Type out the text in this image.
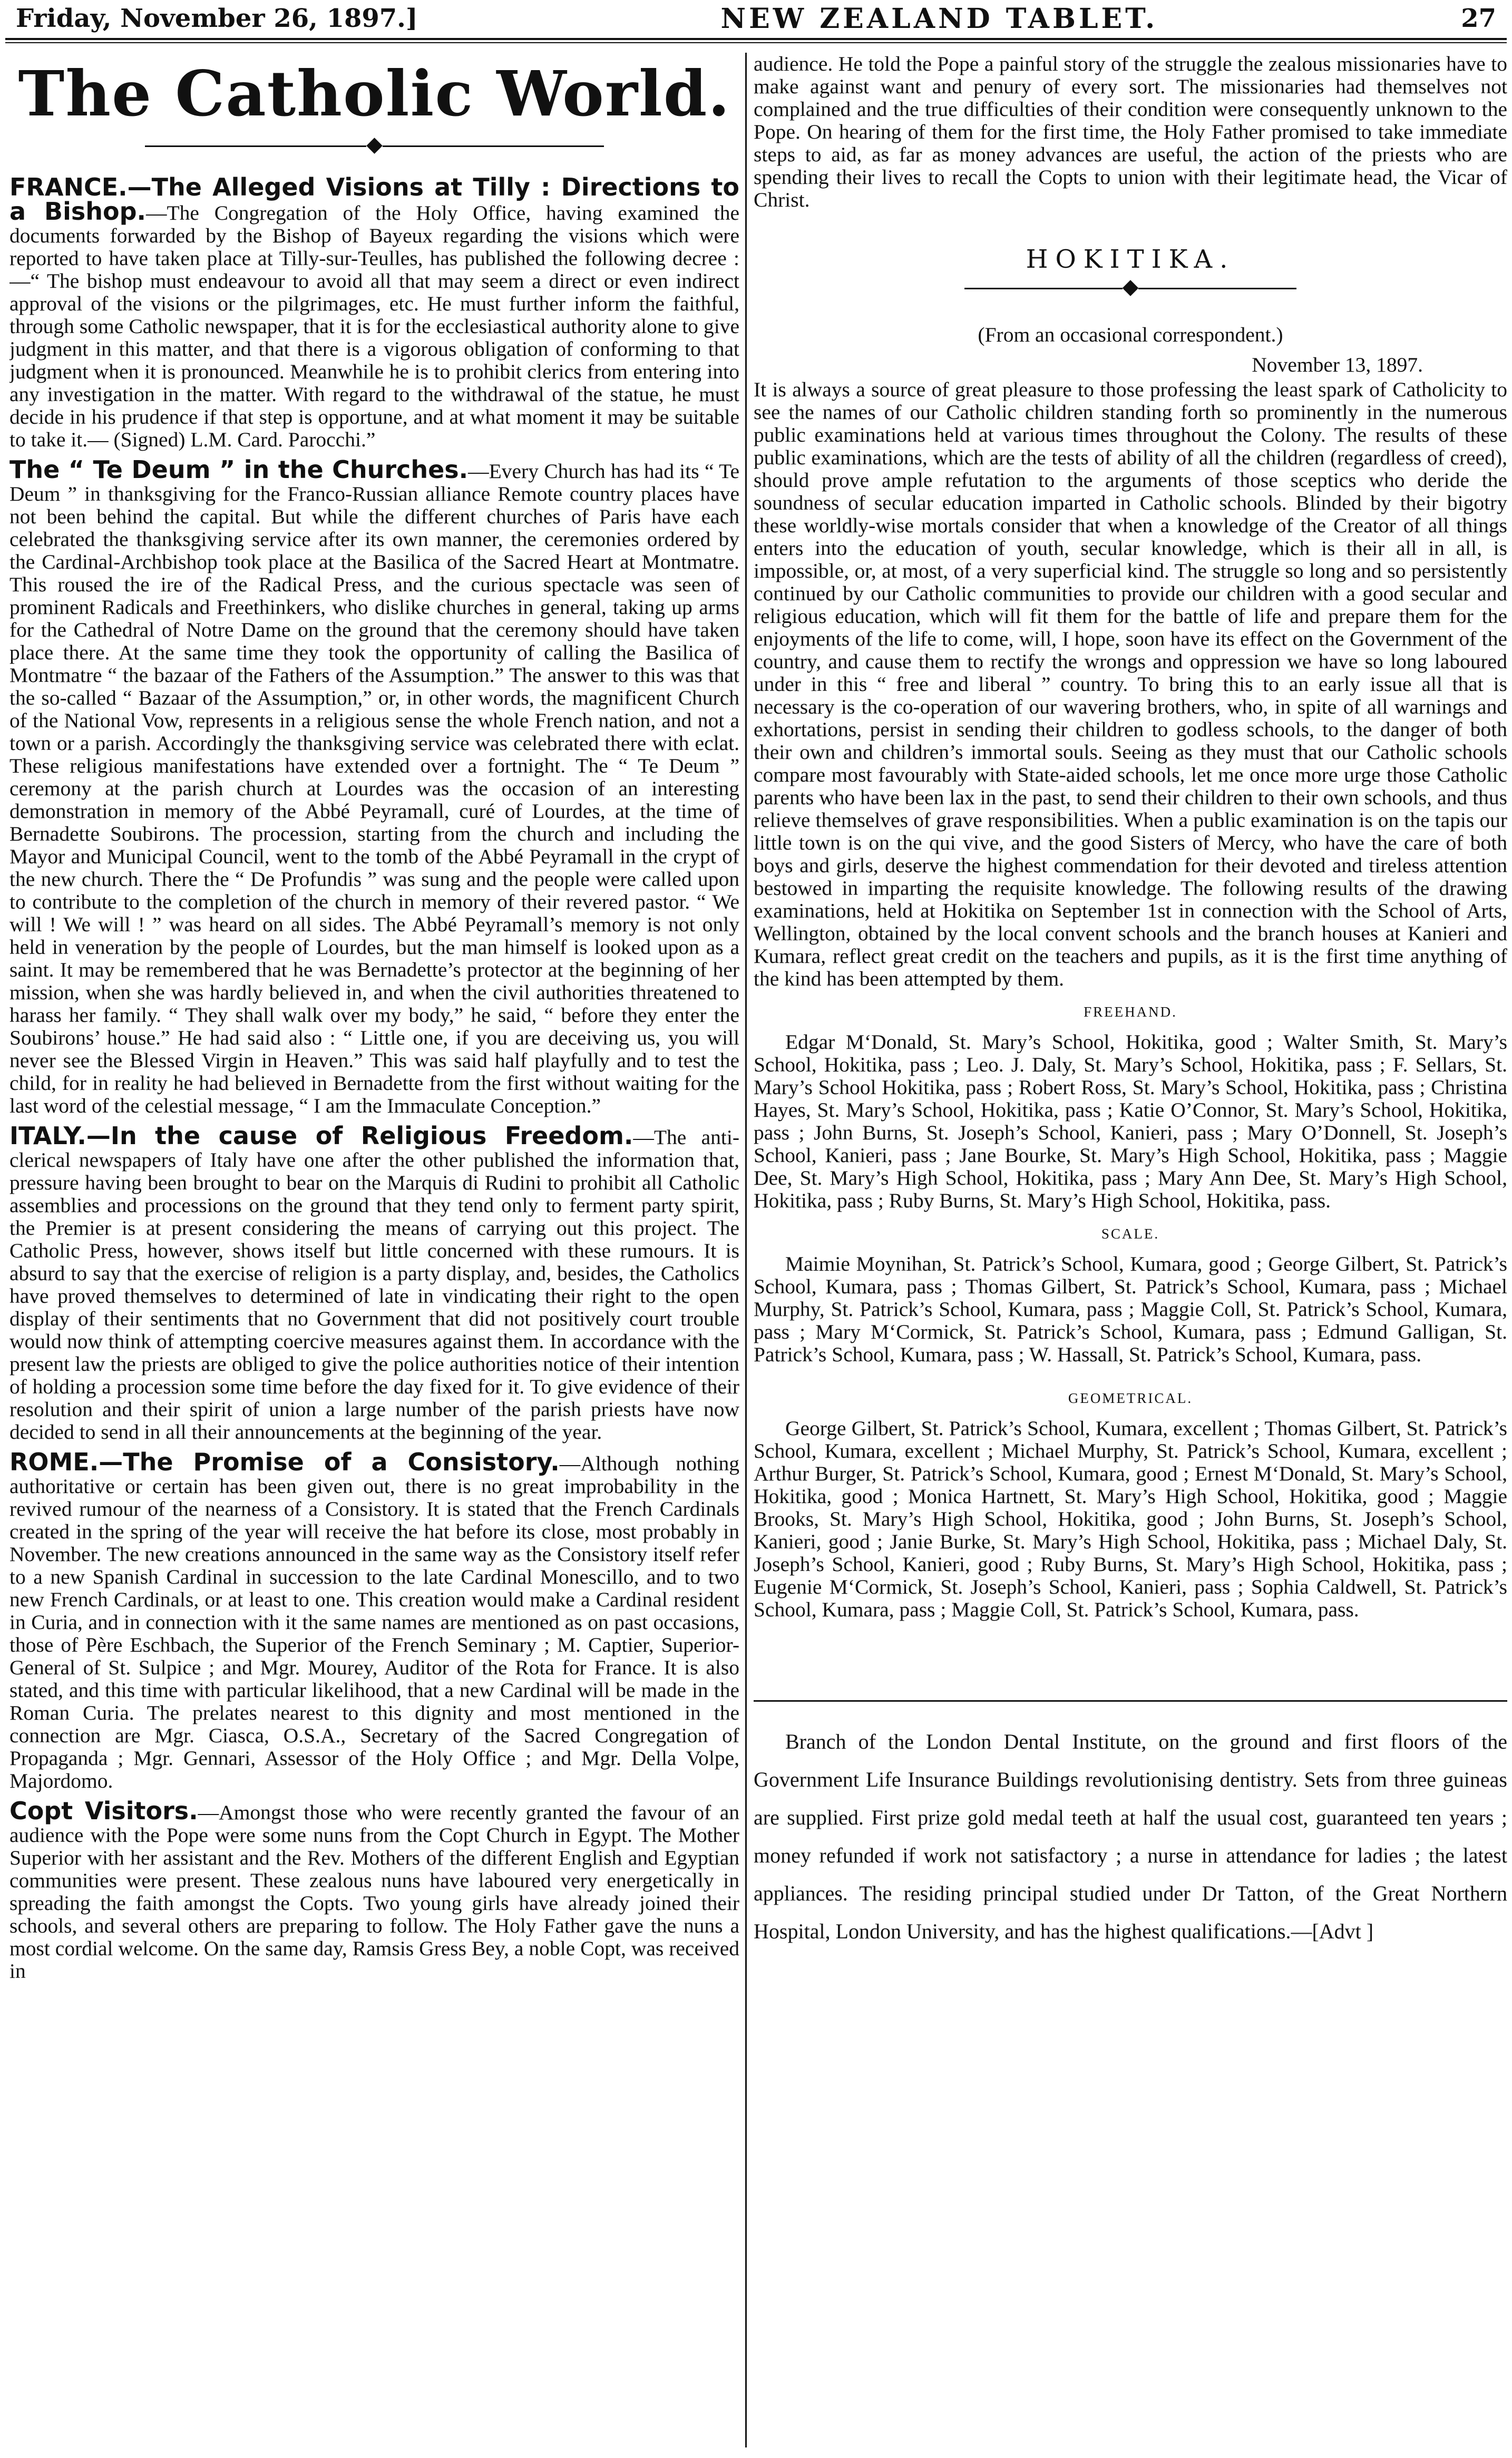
Friday, November 26, 1897.]	NEW ZEALAND TABLET.	27
The Catholic World.
◆

FRANCE.—The Alleged Visions at Tilly : Directions to a Bishop.—The Congregation of the Holy Office, having examined the documents forwarded by the Bishop of Bayeux regarding the visions which were reported to have taken place at Tilly-sur-Teulles, has published the following decree :—“ The bishop must endeavour to avoid all that may seem a direct or even indirect approval of the visions or the pilgrimages, etc. He must further inform the faithful, through some Catholic newspaper, that it is for the ecclesiastical authority alone to give judgment in this matter, and that there is a vigorous obligation of conforming to that judgment when it is pronounced. Meanwhile he is to prohibit clerics from entering into any investigation in the matter. With regard to the withdrawal of the statue, he must decide in his prudence if that step is opportune, and at what moment it may be suitable to take it.— (Signed) L.M. Card. Parocchi.”

The “ Te Deum ” in the Churches.—Every Church has had its “ Te Deum ” in thanksgiving for the Franco-Russian alliance Remote country places have not been behind the capital. But while the different churches of Paris have each celebrated the thanksgiving service after its own manner, the ceremonies ordered by the Cardinal-Archbishop took place at the Basilica of the Sacred Heart at Montmatre. This roused the ire of the Radical Press, and the curious spectacle was seen of prominent Radicals and Freethinkers, who dislike churches in general, taking up arms for the Cathedral of Notre Dame on the ground that the ceremony should have taken place there. At the same time they took the opportunity of calling the Basilica of Montmatre “ the bazaar of the Fathers of the Assumption.” The answer to this was that the so-called “ Bazaar of the Assumption,” or, in other words, the magnificent Church of the National Vow, represents in a religious sense the whole French nation, and not a town or a parish. Accordingly the thanksgiving service was celebrated there with eclat. These religious manifestations have extended over a fortnight. The “ Te Deum ” ceremony at the parish church at Lourdes was the occasion of an interesting demonstration in memory of the Abbé Peyramall, curé of Lourdes, at the time of Bernadette Soubirons. The procession, starting from the church and including the Mayor and Municipal Council, went to the tomb of the Abbé Peyramall in the crypt of the new church. There the “ De Profundis ” was sung and the people were called upon to contribute to the completion of the church in memory of their revered pastor. “ We will ! We will ! ” was heard on all sides. The Abbé Peyramall’s memory is not only held in veneration by the people of Lourdes, but the man himself is looked upon as a saint. It may be remembered that he was Bernadette’s protector at the beginning of her mission, when she was hardly believed in, and when the civil authorities threatened to harass her family. “ They shall walk over my body,” he said, “ before they enter the Soubirons’ house.” He had said also : “ Little one, if you are deceiving us, you will never see the Blessed Virgin in Heaven.” This was said half playfully and to test the child, for in reality he had believed in Bernadette from the first without waiting for the last word of the celestial message, “ I am the Immaculate Conception.”

ITALY.—In the cause of Religious Freedom.—The anti-clerical newspapers of Italy have one after the other published the information that, pressure having been brought to bear on the Marquis di Rudini to prohibit all Catholic assemblies and processions on the ground that they tend only to ferment party spirit, the Premier is at present considering the means of carrying out this project. The Catholic Press, however, shows itself but little concerned with these rumours. It is absurd to say that the exercise of religion is a party display, and, besides, the Catholics have proved themselves to determined of late in vindicating their right to the open display of their sentiments that no Government that did not positively court trouble would now think of attempting coercive measures against them. In accordance with the present law the priests are obliged to give the police authorities notice of their intention of holding a procession some time before the day fixed for it. To give evidence of their resolution and their spirit of union a large number of the parish priests have now decided to send in all their announcements at the beginning of the year.

ROME.—The Promise of a Consistory.—Although nothing authoritative or certain has been given out, there is no great improbability in the revived rumour of the nearness of a Consistory. It is stated that the French Cardinals created in the spring of the year will receive the hat before its close, most probably in November. The new creations announced in the same way as the Consistory itself refer to a new Spanish Cardinal in succession to the late Cardinal Monescillo, and to two new French Cardinals, or at least to one. This creation would make a Cardinal resident in Curia, and in connection with it the same names are mentioned as on past occasions, those of Père Eschbach, the Superior of the French Seminary ; M. Captier, Superior-General of St. Sulpice ; and Mgr. Mourey, Auditor of the Rota for France. It is also stated, and this time with particular likelihood, that a new Cardinal will be made in the Roman Curia. The prelates nearest to this dignity and most mentioned in the connection are Mgr. Ciasca, O.S.A., Secretary of the Sacred Congregation of Propaganda ; Mgr. Gennari, Assessor of the Holy Office ; and Mgr. Della Volpe, Majordomo.

Copt Visitors.—Amongst those who were recently granted the favour of an audience with the Pope were some nuns from the Copt Church in Egypt. The Mother Superior with her assistant and the Rev. Mothers of the different English and Egyptian communities were present. These zealous nuns have laboured very energetically in spreading the faith amongst the Copts. Two young girls have already joined their schools, and several others are preparing to follow. The Holy Father gave the nuns a most cordial welcome. On the same day, Ramsis Gress Bey, a noble Copt, was received in

audience. He told the Pope a painful story of the struggle the zealous missionaries have to make against want and penury of every sort. The missionaries had themselves not complained and the true difficulties of their condition were consequently unknown to the Pope. On hearing of them for the first time, the Holy Father promised to take immediate steps to aid, as far as money advances are useful, the action of the priests who are spending their lives to recall the Copts to union with their legitimate head, the Vicar of Christ.

HOKITIKA.
◆

(From an occasional correspondent.)

November 13, 1897.

It is always a source of great pleasure to those professing the least spark of Catholicity to see the names of our Catholic children standing forth so prominently in the numerous public examinations held at various times throughout the Colony. The results of these public examinations, which are the tests of ability of all the children (regardless of creed), should prove ample refutation to the arguments of those sceptics who deride the soundness of secular education imparted in Catholic schools. Blinded by their bigotry these worldly-wise mortals consider that when a knowledge of the Creator of all things enters into the education of youth, secular knowledge, which is their all in all, is impossible, or, at most, of a very superficial kind. The struggle so long and so persistently continued by our Catholic communities to provide our children with a good secular and religious education, which will fit them for the battle of life and prepare them for the enjoyments of the life to come, will, I hope, soon have its effect on the Government of the country, and cause them to rectify the wrongs and oppression we have so long laboured under in this “ free and liberal ” country. To bring this to an early issue all that is necessary is the co-operation of our wavering brothers, who, in spite of all warnings and exhortations, persist in sending their children to godless schools, to the danger of both their own and children’s immortal souls. Seeing as they must that our Catholic schools compare most favourably with State-aided schools, let me once more urge those Catholic parents who have been lax in the past, to send their children to their own schools, and thus relieve themselves of grave responsibilities. When a public examination is on the tapis our little town is on the qui vive, and the good Sisters of Mercy, who have the care of both boys and girls, deserve the highest commendation for their devoted and tireless attention bestowed in imparting the requisite knowledge. The following results of the drawing examinations, held at Hokitika on September 1st in connection with the School of Arts, Wellington, obtained by the local convent schools and the branch houses at Kanieri and Kumara, reflect great credit on the teachers and pupils, as it is the first time anything of the kind has been attempted by them.

FREEHAND.

Edgar M‘Donald, St. Mary’s School, Hokitika, good ; Walter Smith, St. Mary’s School, Hokitika, pass ; Leo. J. Daly, St. Mary’s School, Hokitika, pass ; F. Sellars, St. Mary’s School Hokitika, pass ; Robert Ross, St. Mary’s School, Hokitika, pass ; Christina Hayes, St. Mary’s School, Hokitika, pass ; Katie O’Connor, St. Mary’s School, Hokitika, pass ; John Burns, St. Joseph’s School, Kanieri, pass ; Mary O’Donnell, St. Joseph’s School, Kanieri, pass ; Jane Bourke, St. Mary’s High School, Hokitika, pass ; Maggie Dee, St. Mary’s High School, Hokitika, pass ; Mary Ann Dee, St. Mary’s High School, Hokitika, pass ; Ruby Burns, St. Mary’s High School, Hokitika, pass.

SCALE.

Maimie Moynihan, St. Patrick’s School, Kumara, good ; George Gilbert, St. Patrick’s School, Kumara, pass ; Thomas Gilbert, St. Patrick’s School, Kumara, pass ; Michael Murphy, St. Patrick’s School, Kumara, pass ; Maggie Coll, St. Patrick’s School, Kumara, pass ; Mary M‘Cormick, St. Patrick’s School, Kumara, pass ; Edmund Galligan, St. Patrick’s School, Kumara, pass ; W. Hassall, St. Patrick’s School, Kumara, pass.

GEOMETRICAL.

George Gilbert, St. Patrick’s School, Kumara, excellent ; Thomas Gilbert, St. Patrick’s School, Kumara, excellent ; Michael Murphy, St. Patrick’s School, Kumara, excellent ; Arthur Burger, St. Patrick’s School, Kumara, good ; Ernest M‘Donald, St. Mary’s School, Hokitika, good ; Monica Hartnett, St. Mary’s High School, Hokitika, good ; Maggie Brooks, St. Mary’s High School, Hokitika, good ; John Burns, St. Joseph’s School, Kanieri, good ; Janie Burke, St. Mary’s High School, Hokitika, pass ; Michael Daly, St. Joseph’s School, Kanieri, good ; Ruby Burns, St. Mary’s High School, Hokitika, pass ; Eugenie M‘Cormick, St. Joseph’s School, Kanieri, pass ; Sophia Caldwell, St. Patrick’s School, Kumara, pass ; Maggie Coll, St. Patrick’s School, Kumara, pass.

Branch of the London Dental Institute, on the ground and first floors of the Government Life Insurance Buildings revolutionising dentistry. Sets from three guineas are supplied. First prize gold medal teeth at half the usual cost, guaranteed ten years ; money refunded if work not satisfactory ; a nurse in attendance for ladies ; the latest appliances. The residing principal studied under Dr Tatton, of the Great Northern Hospital, London University, and has the highest qualifications.—[Advt ]
